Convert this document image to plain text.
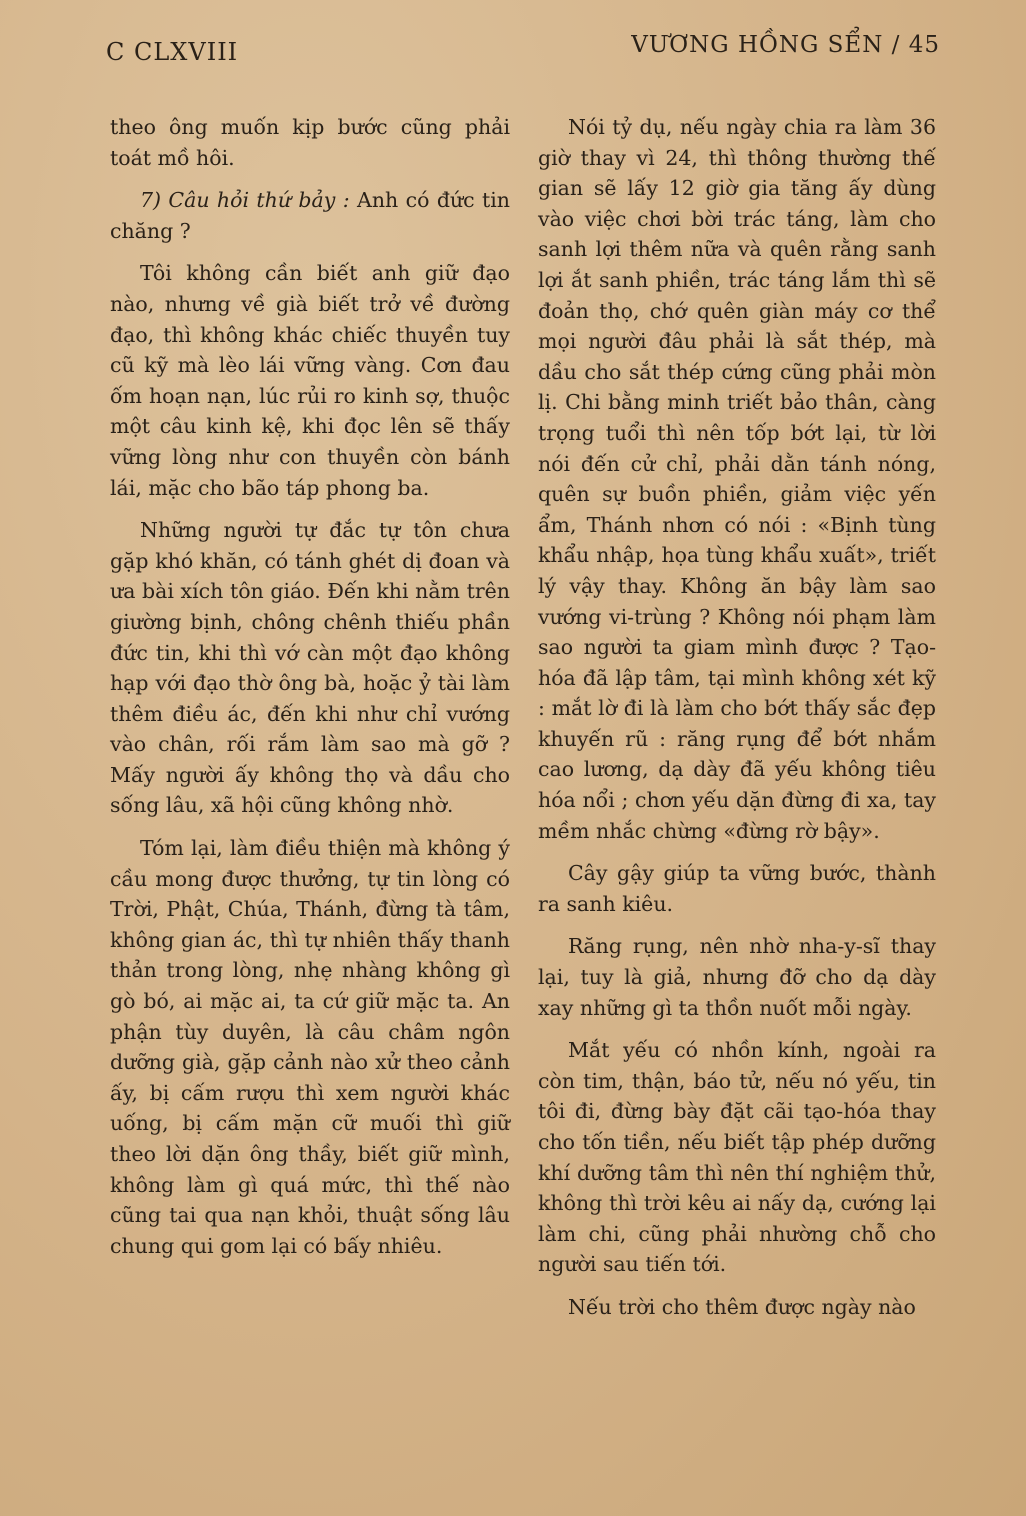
C CLXVIII	VƯƠNG HỒNG SỂN / 45

theo ông muốn kịp bước cũng phải toát mồ hôi.

7) Câu hỏi thứ bảy : Anh có đức tin chăng ?

Tôi không cần biết anh giữ đạo nào, nhưng về già biết trở về đường đạo, thì không khác chiếc thuyền tuy cũ kỹ mà lèo lái vững vàng. Cơn đau ốm hoạn nạn, lúc rủi ro kinh sợ, thuộc một câu kinh kệ, khi đọc lên sẽ thấy vững lòng như con thuyền còn bánh lái, mặc cho bão táp phong ba.

Những người tự đắc tự tôn chưa gặp khó khăn, có tánh ghét dị đoan và ưa bài xích tôn giáo. Đến khi nằm trên giường bịnh, chông chênh thiếu phần đức tin, khi thì vớ càn một đạo không hạp với đạo thờ ông bà, hoặc ỷ tài làm thêm điều ác, đến khi như chỉ vướng vào chân, rối rắm làm sao mà gỡ ? Mấy người ấy không thọ và dầu cho sống lâu, xã hội cũng không nhờ.

Tóm lại, làm điều thiện mà không ý cầu mong được thưởng, tự tin lòng có Trời, Phật, Chúa, Thánh, đừng tà tâm, không gian ác, thì tự nhiên thấy thanh thản trong lòng, nhẹ nhàng không gì gò bó, ai mặc ai, ta cứ giữ mặc ta. An phận tùy duyên, là câu châm ngôn dưỡng già, gặp cảnh nào xử theo cảnh ấy, bị cấm rượu thì xem người khác uống, bị cấm mặn cữ muối thì giữ theo lời dặn ông thầy, biết giữ mình, không làm gì quá mức, thì thế nào cũng tai qua nạn khỏi, thuật sống lâu chung qui gom lại có bấy nhiêu.

Nói tỷ dụ, nếu ngày chia ra làm 36 giờ thay vì 24, thì thông thường thế gian sẽ lấy 12 giờ gia tăng ấy dùng vào việc chơi bời trác táng, làm cho sanh lợi thêm nữa và quên rằng sanh lợi ắt sanh phiền, trác táng lắm thì sẽ đoản thọ, chớ quên giàn máy cơ thể mọi người đâu phải là sắt thép, mà dầu cho sắt thép cứng cũng phải mòn lị. Chi bằng minh triết bảo thân, càng trọng tuổi thì nên tốp bớt lại, từ lời nói đến cử chỉ, phải dằn tánh nóng, quên sự buồn phiền, giảm việc yến ẩm, Thánh nhơn có nói : «Bịnh tùng khẩu nhập, họa tùng khẩu xuất», triết lý vậy thay. Không ăn bậy làm sao vướng vi-trùng ? Không nói phạm làm sao người ta giam mình được ? Tạo-hóa đã lập tâm, tại mình không xét kỹ : mắt lờ đi là làm cho bớt thấy sắc đẹp khuyến rũ : răng rụng để bớt nhắm cao lương, dạ dày đã yếu không tiêu hóa nổi ; chơn yếu dặn đừng đi xa, tay mềm nhắc chừng «đừng rờ bậy».

Cây gậy giúp ta vững bước, thành ra sanh kiêu.

Răng rụng, nên nhờ nha-y-sĩ thay lại, tuy là giả, nhưng đỡ cho dạ dày xay những gì ta thồn nuốt mỗi ngày.

Mắt yếu có nhồn kính, ngoài ra còn tim, thận, báo tử, nếu nó yếu, tin tôi đi, đừng bày đặt cãi tạo-hóa thay cho tốn tiền, nếu biết tập phép dưỡng khí dưỡng tâm thì nên thí nghiệm thử, không thì trời kêu ai nấy dạ, cướng lại làm chi, cũng phải nhường chỗ cho người sau tiến tới.

Nếu trời cho thêm được ngày nào
